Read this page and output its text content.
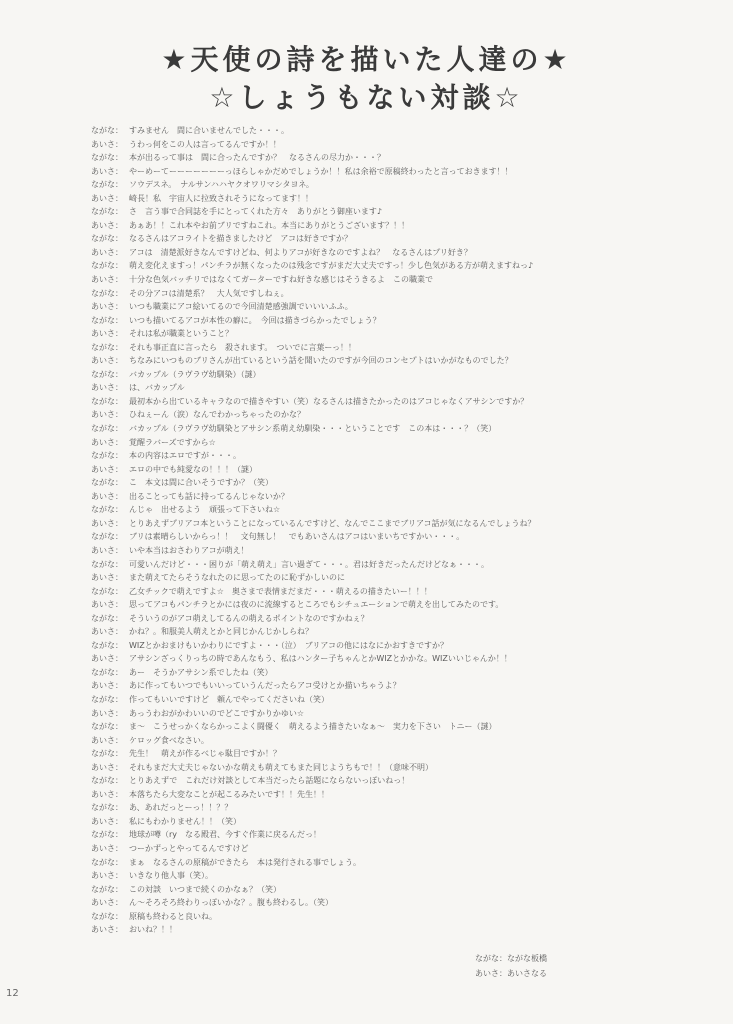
★天使の詩を描いた人達の★
☆しょうもない対談☆
ながな： すみません　間に合いませんでした・・・。
あいさ： うわっ何をこの人は言ってるんですか！！
ながな： 本が出るって事は　間に合ったんですか？　なるさんの尽力か・・・？
あいさ： やーめーてーーーーーーーっほらしゃかだめでしょうか！！私は余裕で原稿終わったと言っておきます！！
ながな： ソウデスネ。　ナルサンハハヤクオワリマシタヨネ。
あいさ： 崎長！私　宇宙人に拉致されそうになってます！！
ながな： さ　言う事で合同誌を手にとってくれた方々　ありがとう御座います♪
あいさ： あぁあ！！これ本やお前ブリですねこれ。本当にありがとうございます？！！
ながな： なるさんはアコライトを描きましたけど　アコは好きですか？
あいさ： アコは　清楚派好きなんですけどね、何よりアコが好きなのですよね？　なるさんはプリ好き？
ながな： 萌え変化えますっ！パンチラが無くなったのは残念ですがまだ大丈夫ですっ！少し色気がある方が萌えますねっ♪
あいさ： 十分な色気バッチリではなくてガーターですね好きな感じはそうきるよ　この職業で
ながな： その分アコは清楚系？　大人気ですしねぇ。
あいさ： いつも職業にアコ絵いてるので今回清楚感強調でいいいふふ。
ながな： いつも描いてるアコが本性の癖に。　今回は描きづらかったでしょう？
あいさ： それは私が職業ということ？
ながな： それも事正直に言ったら　殺されます。　ついでに言葉ーっ！！
あいさ： ちなみにいつものブリさんが出ているという話を聞いたのですが今回のコンセプトはいかがなものでした？
ながな： バカップル（ラヴラヴ幼馴染）（謎）
あいさ： は、バカップル
ながな： 最初本から出ているキャラなので描きやすい（笑）なるさんは描きたかったのはアコじゃなくアサシンですか？
あいさ： ひねぇーん（涙）なんでわかっちゃったのかな？
ながな： バカップル（ラヴラヴ幼馴染とアサシン系萌え幼馴染・・・ということです　この本は・・・？（笑）
あいさ： 覚醒ラバーズですから☆
ながな： 本の内容はエロですが・・・。
あいさ： エロの中でも純愛なの！！！（謎）
ながな： こ　本文は間に合いそうですか？（笑）
あいさ： 出ることっても話に持ってるんじゃないか？
ながな： んじゃ　出せるよう　頑張って下さいね☆
あいさ： とりあえずプリアコ本ということになっているんですけど、なんでここまでブリアコ話が気になるんでしょうね？
ながな： ブリは素晴らしいからっ！！　文句無し！　でもあいさんはアコはいまいちですかい・・・。
あいさ： いや本当はおさわりアコが萌え！
ながな： 可愛いんだけど・・・困りが「萌え萌え」言い過ぎて・・・。君は好きだったんだけどなぁ・・・。
あいさ： また萌えてたらそうなれたのに思ってたのに恥ずかしいのに
ながな： 乙女チックで萌えですよ☆　奥さまで表情まだまだ・・・萌えるの描きたいー！！！
あいさ： 思ってアコもパンチラとかには夜のに流線するところでもシチュエーションで萌えを出してみたのです。
ながな： そういうのがアコ萌えしてるんの萌えるポイントなのですかねぇ？
あいさ： かね？。和服美人萌えとかと同じかんじかしらね？
ながな： WIZとかおまけもいかわりにですよ・・・（泣）　ブリアコの他にはなにかおすきですか？
あいさ： アサシンざっくりっちの時であんなもう、私はハンター子ちゃんとかWIZとかかな。WIZいいじゃんか！！
ながな： あー　そうかアサシン系でしたね（笑）
あいさ： あに作ってもいつでもいいっていうんだったらアコ受けとか描いちゃうよ？
ながな： 作ってもいいですけど　頼んでやってくださいね（笑）
あいさ： あっうわおがかわいいのでどこですかりかゆい☆
ながな： ま～　こうせっかくならかっこよく闘優く　萌えるよう描きたいなぁ～　実力を下さい　トニー（謎）
あいさ： ケロッグ食べなさい。
ながな： 先生！　萌えが作るべじゃ駄目ですか！？
あいさ： それもまだ大丈夫じゃないかな萌えも萌えてもまた同じようちもで！！（意味不明）
ながな： とりあえずで　これだけ対談として本当だったら話題にならないっぽいねっ！
あいさ： 本落ちたら大変なことが起こるみたいです！！先生！！
ながな： あ、あれだっとーっ！！？？
あいさ： 私にもわかりません！！（笑）
ながな： 地球が噂（ry　なる殿君、今すぐ作業に戻るんだっ！
あいさ： つーかずっとやってるんですけど
ながな： まぁ　なるさんの原稿ができたら　本は発行される事でしょう。
あいさ： いきなり他人事（笑）。
ながな： この対談　いつまで続くのかなぁ？（笑）
あいさ： ん～そろそろ終わりっぽいかな？。腹も終わるし。（笑）
ながな： 原稿も終わると良いね。
あいさ： おいね？！！
ながな：ながな板橋
あいさ：あいさなる
12
